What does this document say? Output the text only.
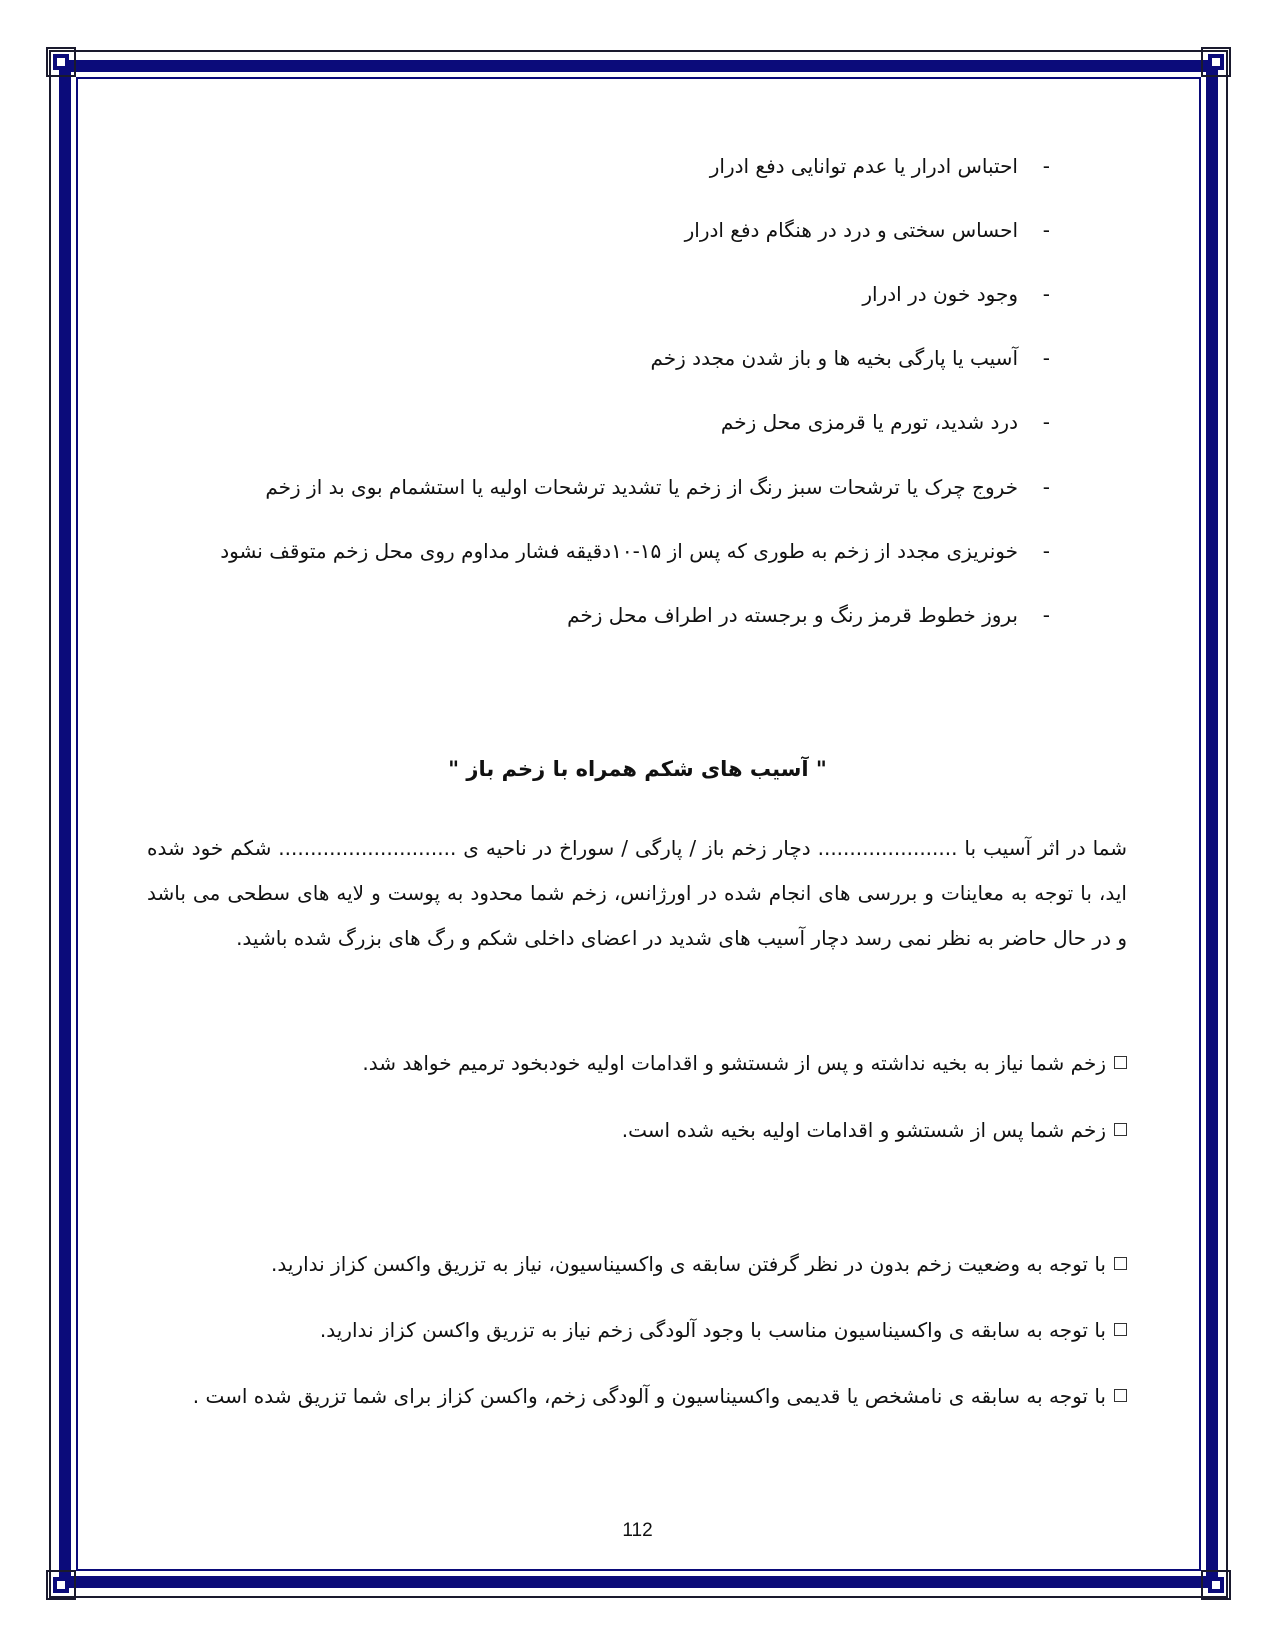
-احتباس ادرار یا عدم توانایی دفع ادرار
-احساس سختی و درد در هنگام دفع ادرار
-وجود خون در ادرار
-آسیب یا پارگی بخیه ها و باز شدن مجدد زخم
-درد شدید، تورم یا قرمزی محل زخم
-خروج چرک یا ترشحات سبز رنگ از زخم یا تشدید ترشحات اولیه یا استشمام بوی بد از زخم
-خونریزی مجدد از زخم به طوری که پس از ۱۵-۱۰دقیقه فشار مداوم روی محل زخم متوقف نشود
-بروز خطوط قرمز رنگ و برجسته در اطراف محل زخم
" آسیب های شکم همراه با زخم باز "
شما در اثر آسیب با ...................... دچار زخم باز / پارگی / سوراخ در ناحیه ی ............................ شکم خود شده اید، با توجه به معاینات و بررسی های انجام شده در اورژانس، زخم شما محدود به پوست و لایه های سطحی می باشد و در حال حاضر به نظر نمی رسد دچار آسیب های شدید در اعضای داخلی شکم و رگ های بزرگ شده باشید.
زخم شما نیاز به بخیه نداشته و پس از شستشو و اقدامات اولیه خودبخود ترمیم خواهد شد.
زخم شما پس از شستشو و اقدامات اولیه بخیه شده است.
با توجه به وضعیت زخم بدون در نظر گرفتن سابقه ی واکسیناسیون، نیاز به تزریق واکسن کزاز ندارید.
با توجه به سابقه ی واکسیناسیون مناسب با وجود آلودگی زخم نیاز به تزریق واکسن کزاز ندارید.
با توجه به سابقه ی نامشخص یا قدیمی واکسیناسیون و آلودگی زخم، واکسن کزاز برای شما تزریق شده است .
112
